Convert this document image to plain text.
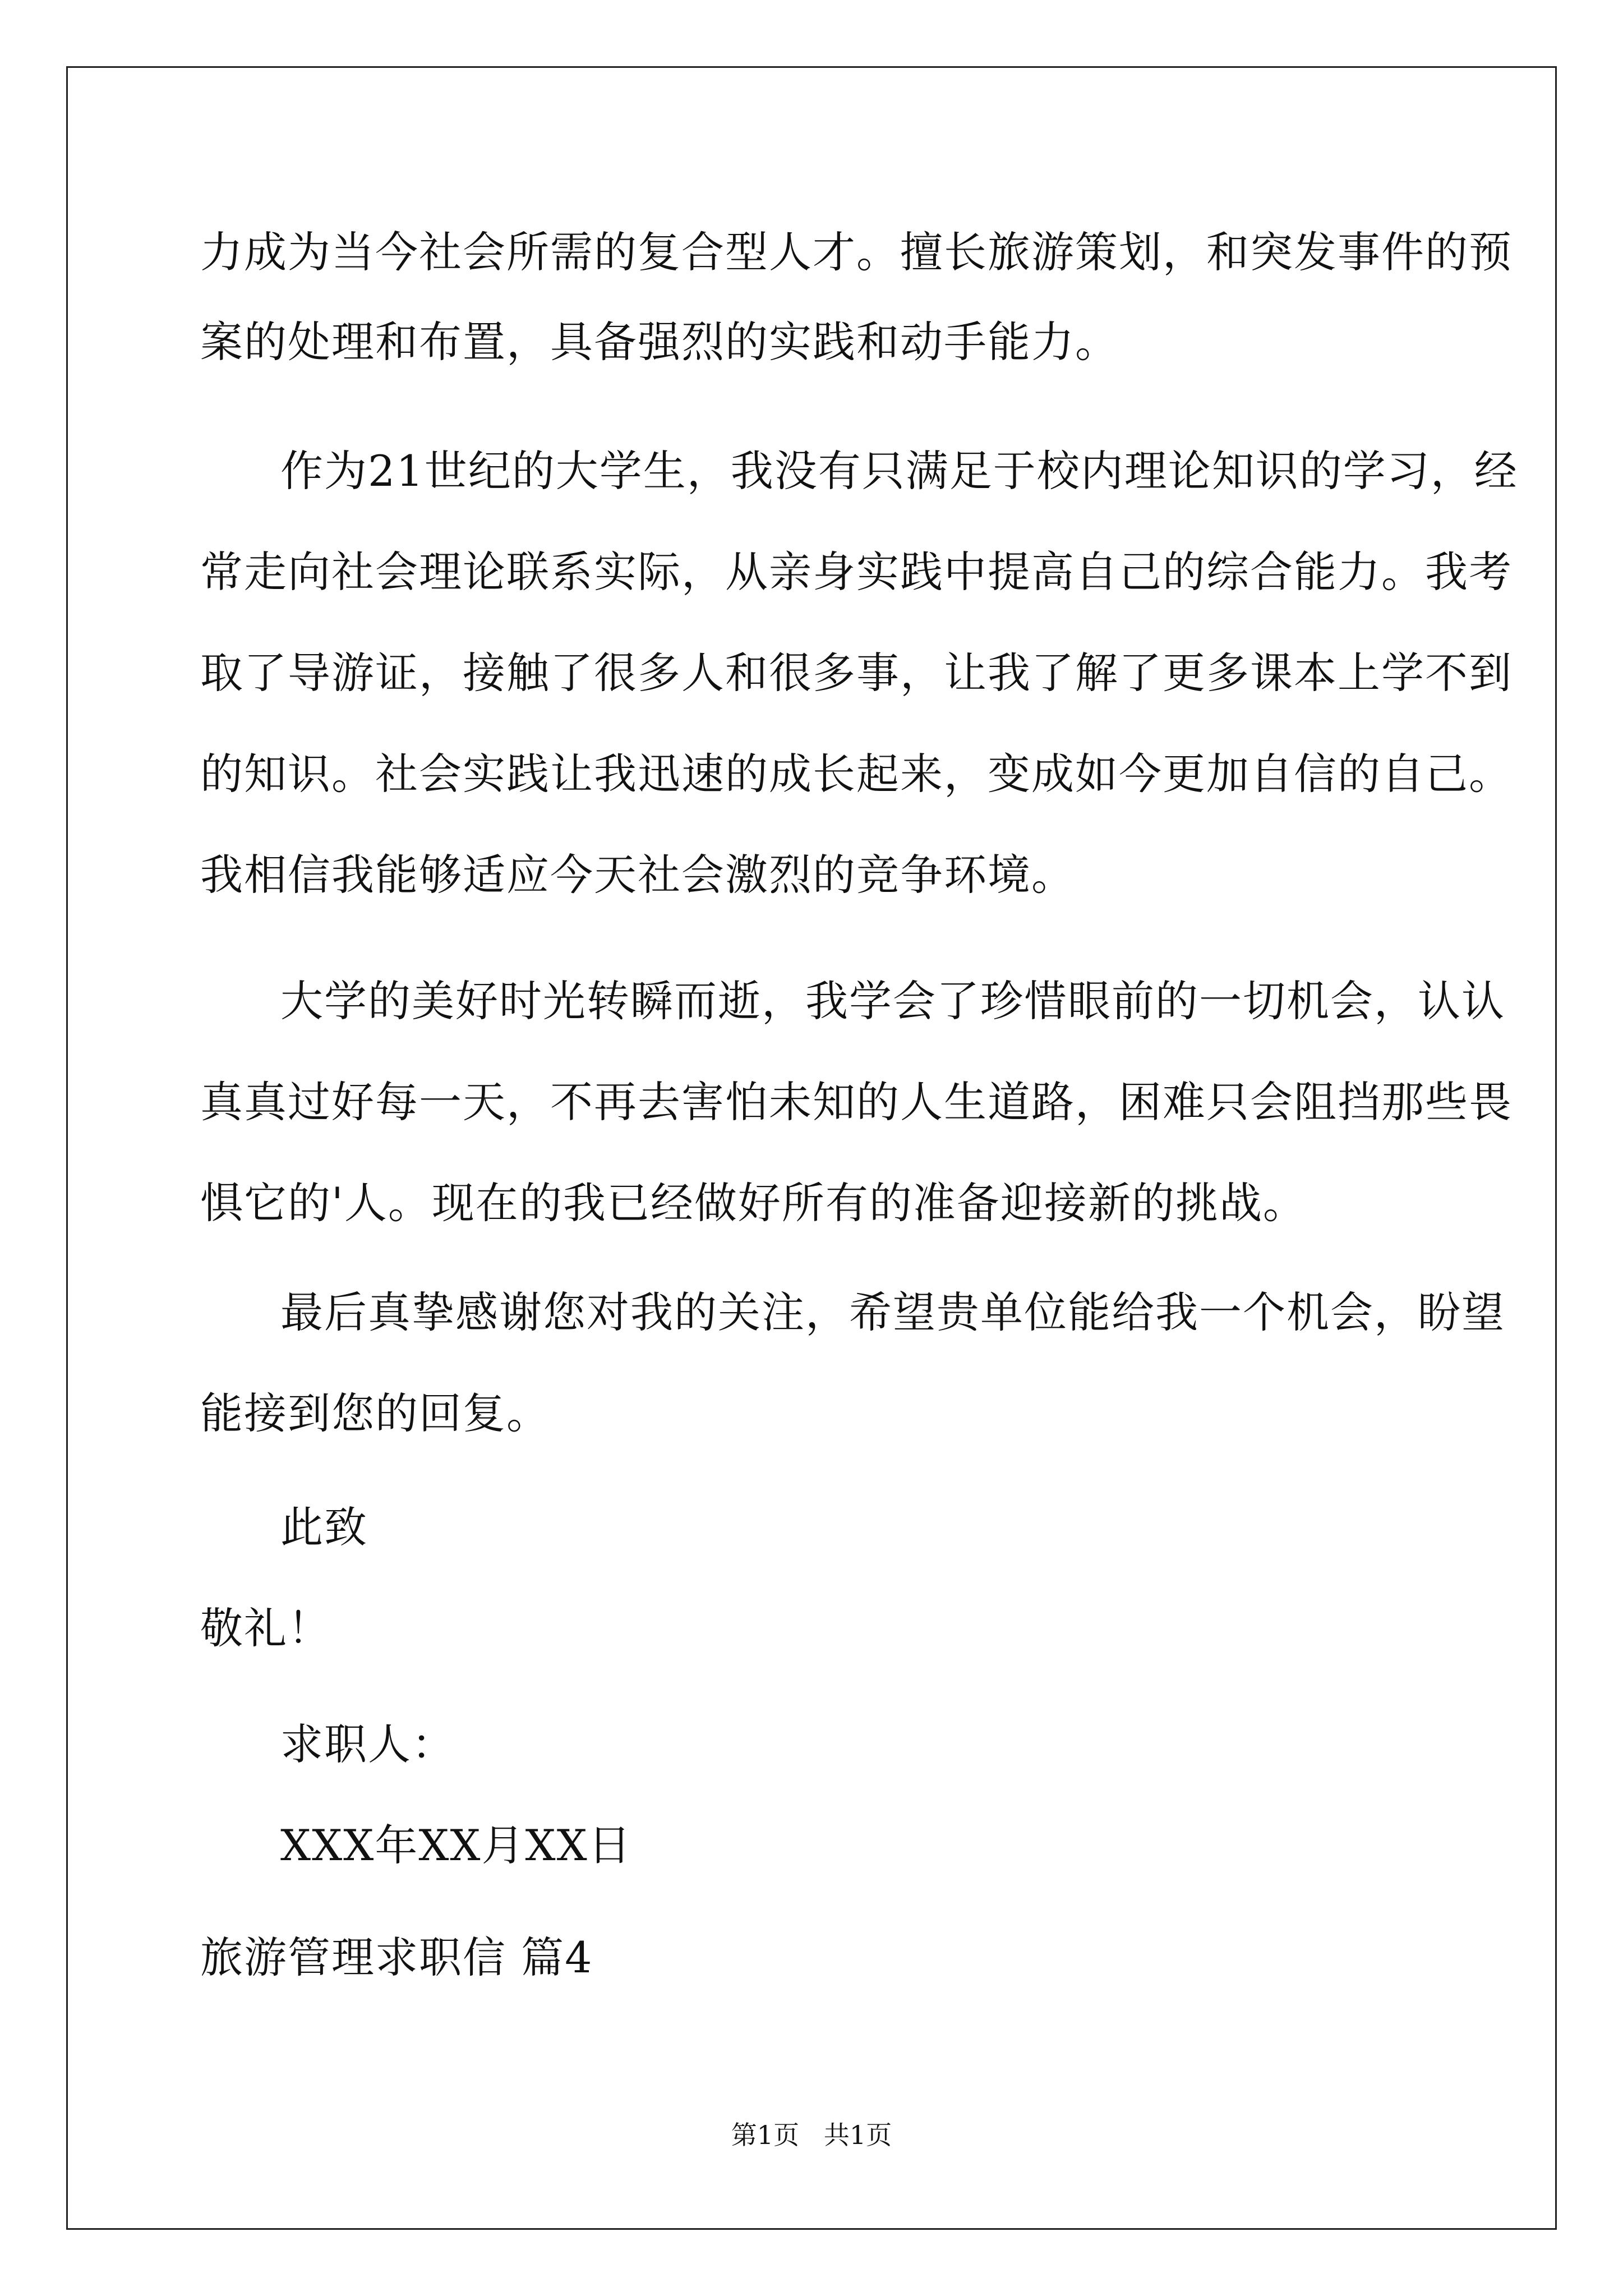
力成为当今社会所需的复合型人才。擅长旅游策划，和突发事件的预
案的处理和布置，具备强烈的实践和动手能力。
作为21世纪的大学生，我没有只满足于校内理论知识的学习，经
常走向社会理论联系实际，从亲身实践中提高自己的综合能力。我考
取了导游证，接触了很多人和很多事，让我了解了更多课本上学不到
的知识。社会实践让我迅速的成长起来，变成如今更加自信的自己。
我相信我能够适应今天社会激烈的竞争环境。
大学的美好时光转瞬而逝，我学会了珍惜眼前的一切机会，认认
真真过好每一天，不再去害怕未知的人生道路，困难只会阻挡那些畏
惧它的'人。现在的我已经做好所有的准备迎接新的挑战。
最后真挚感谢您对我的关注，希望贵单位能给我一个机会，盼望
能接到您的回复。
此致
敬礼！
求职人：
XXX年XX月XX日
旅游管理求职信 篇4
第1页   共1页
